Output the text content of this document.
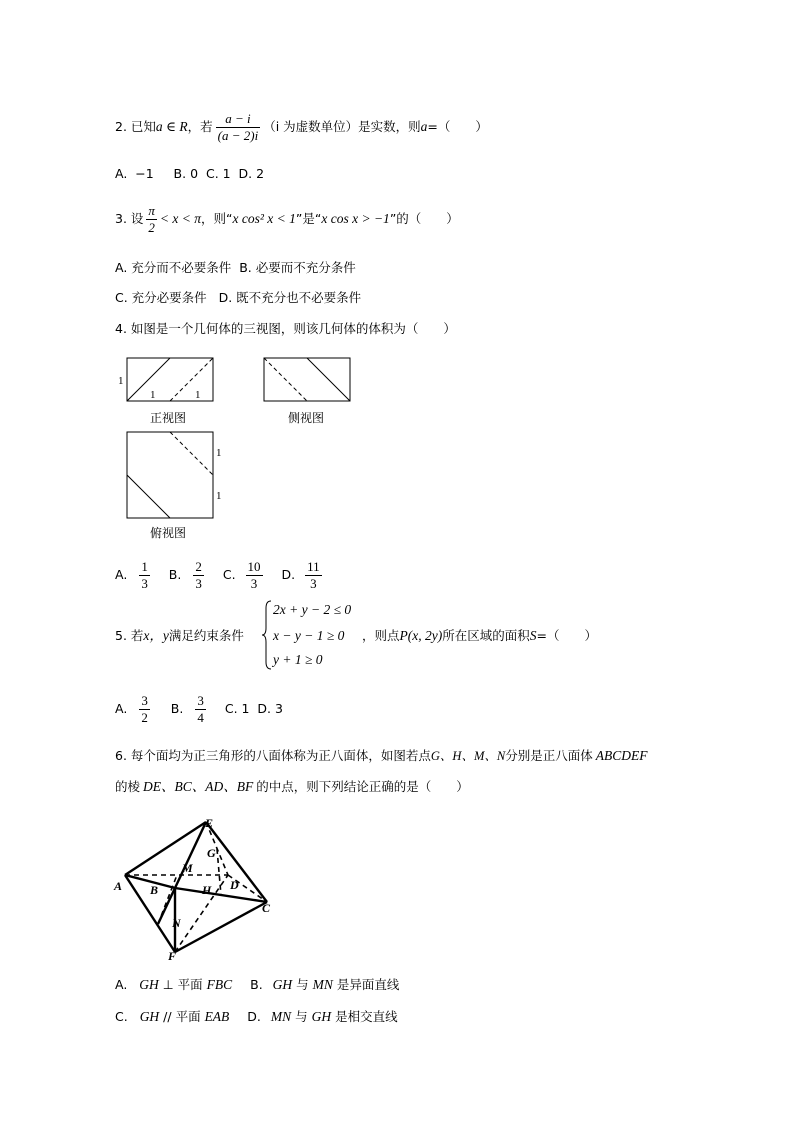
2. 已知a ∈ R，若 $\frac{a - i}{(a - 2)i} (i$ 为虚数单位）是实数，则a=（　　）
A.  −1     B. 0  C. 1  D. 2
3. 设 $\frac{\pi}{2} < x < \pi$，则“x cos² x < 1”是“x cos x > −1”的（　　）
A. 充分而不必要条件  B. 必要而不充分条件
C. 充分必要条件   D. 既不充分也不必要条件
4. 如图是一个几何体的三视图，则该几何体的体积为（　　）
1
1	1
1
1
正视图	侧视图
俯视图
A. $\frac{1}{3} B$. $\frac{2}{3} C$. $\frac{10}{3} D$. $\frac{11}{3}$
5. 若x，y满足约束条件
2x + y − 2 ≤ 0
x − y − 1 ≥ 0
y + 1 ≥ 0
，则点P(x, 2y)所在区域的面积S=（　　）
A. $\frac{3}{2} B$. $\frac{3}{4} C$. 1  D. 3
6. 每个面均为正三角形的八面体称为正八面体，如图若点G、H、M、N分别是正八面体 ABCDEF
的棱 DE、BC、AD、BF 的中点，则下列结论正确的是（　　）
E
G
M
A B	D
H
C
N
F
A. GH ⊥ 平面 FBC B. GH 与 MN 是异面直线
C. GH // 平面 EAB D. MN 与 GH 是相交直线
